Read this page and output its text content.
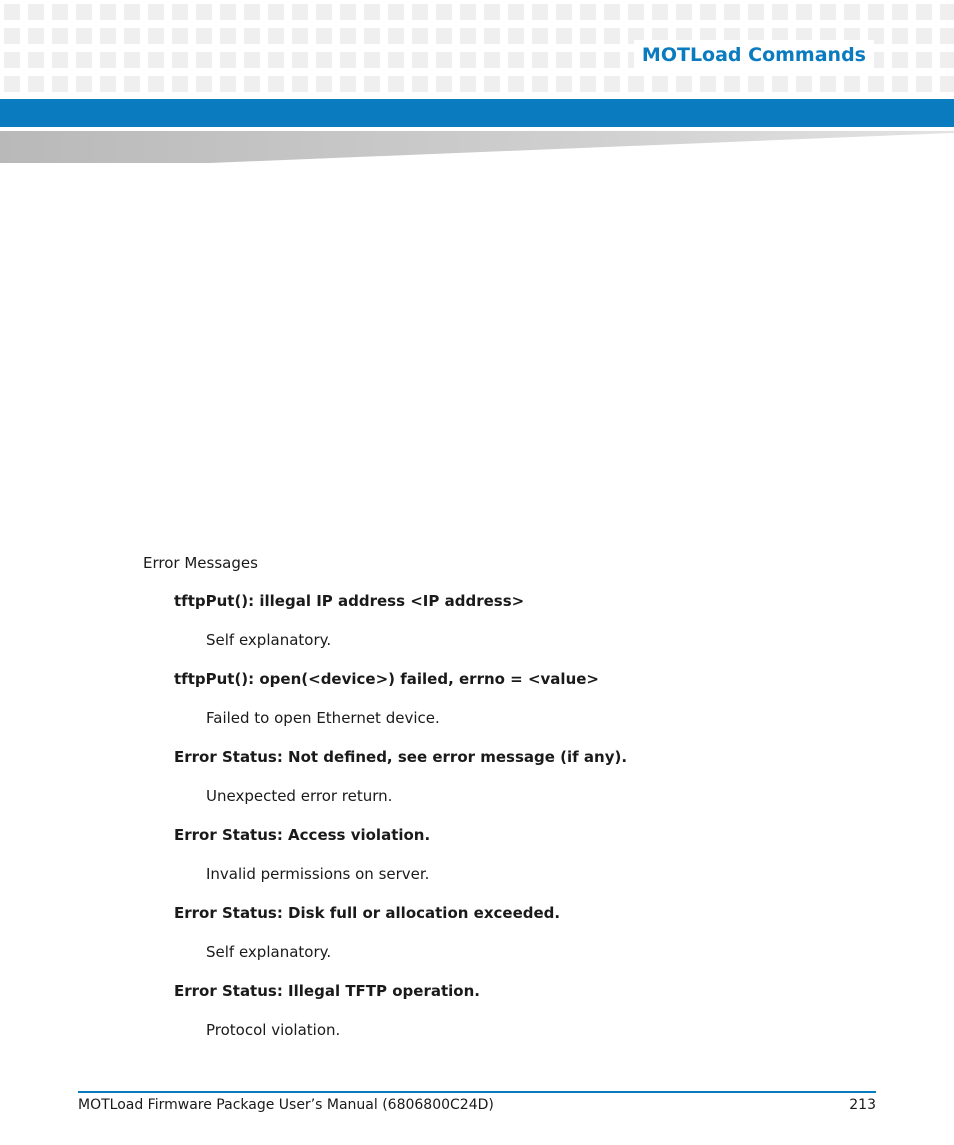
MOTLoad Commands

Error Messages

tftpPut(): illegal IP address <IP address>

Self explanatory.

tftpPut(): open(<device>) failed, errno = <value>

Failed to open Ethernet device.

Error Status: Not defined, see error message (if any).

Unexpected error return.

Error Status: Access violation.

Invalid permissions on server.

Error Status: Disk full or allocation exceeded.

Self explanatory.

Error Status: Illegal TFTP operation.

Protocol violation.

MOTLoad Firmware Package User’s Manual (6806800C24D)	213
